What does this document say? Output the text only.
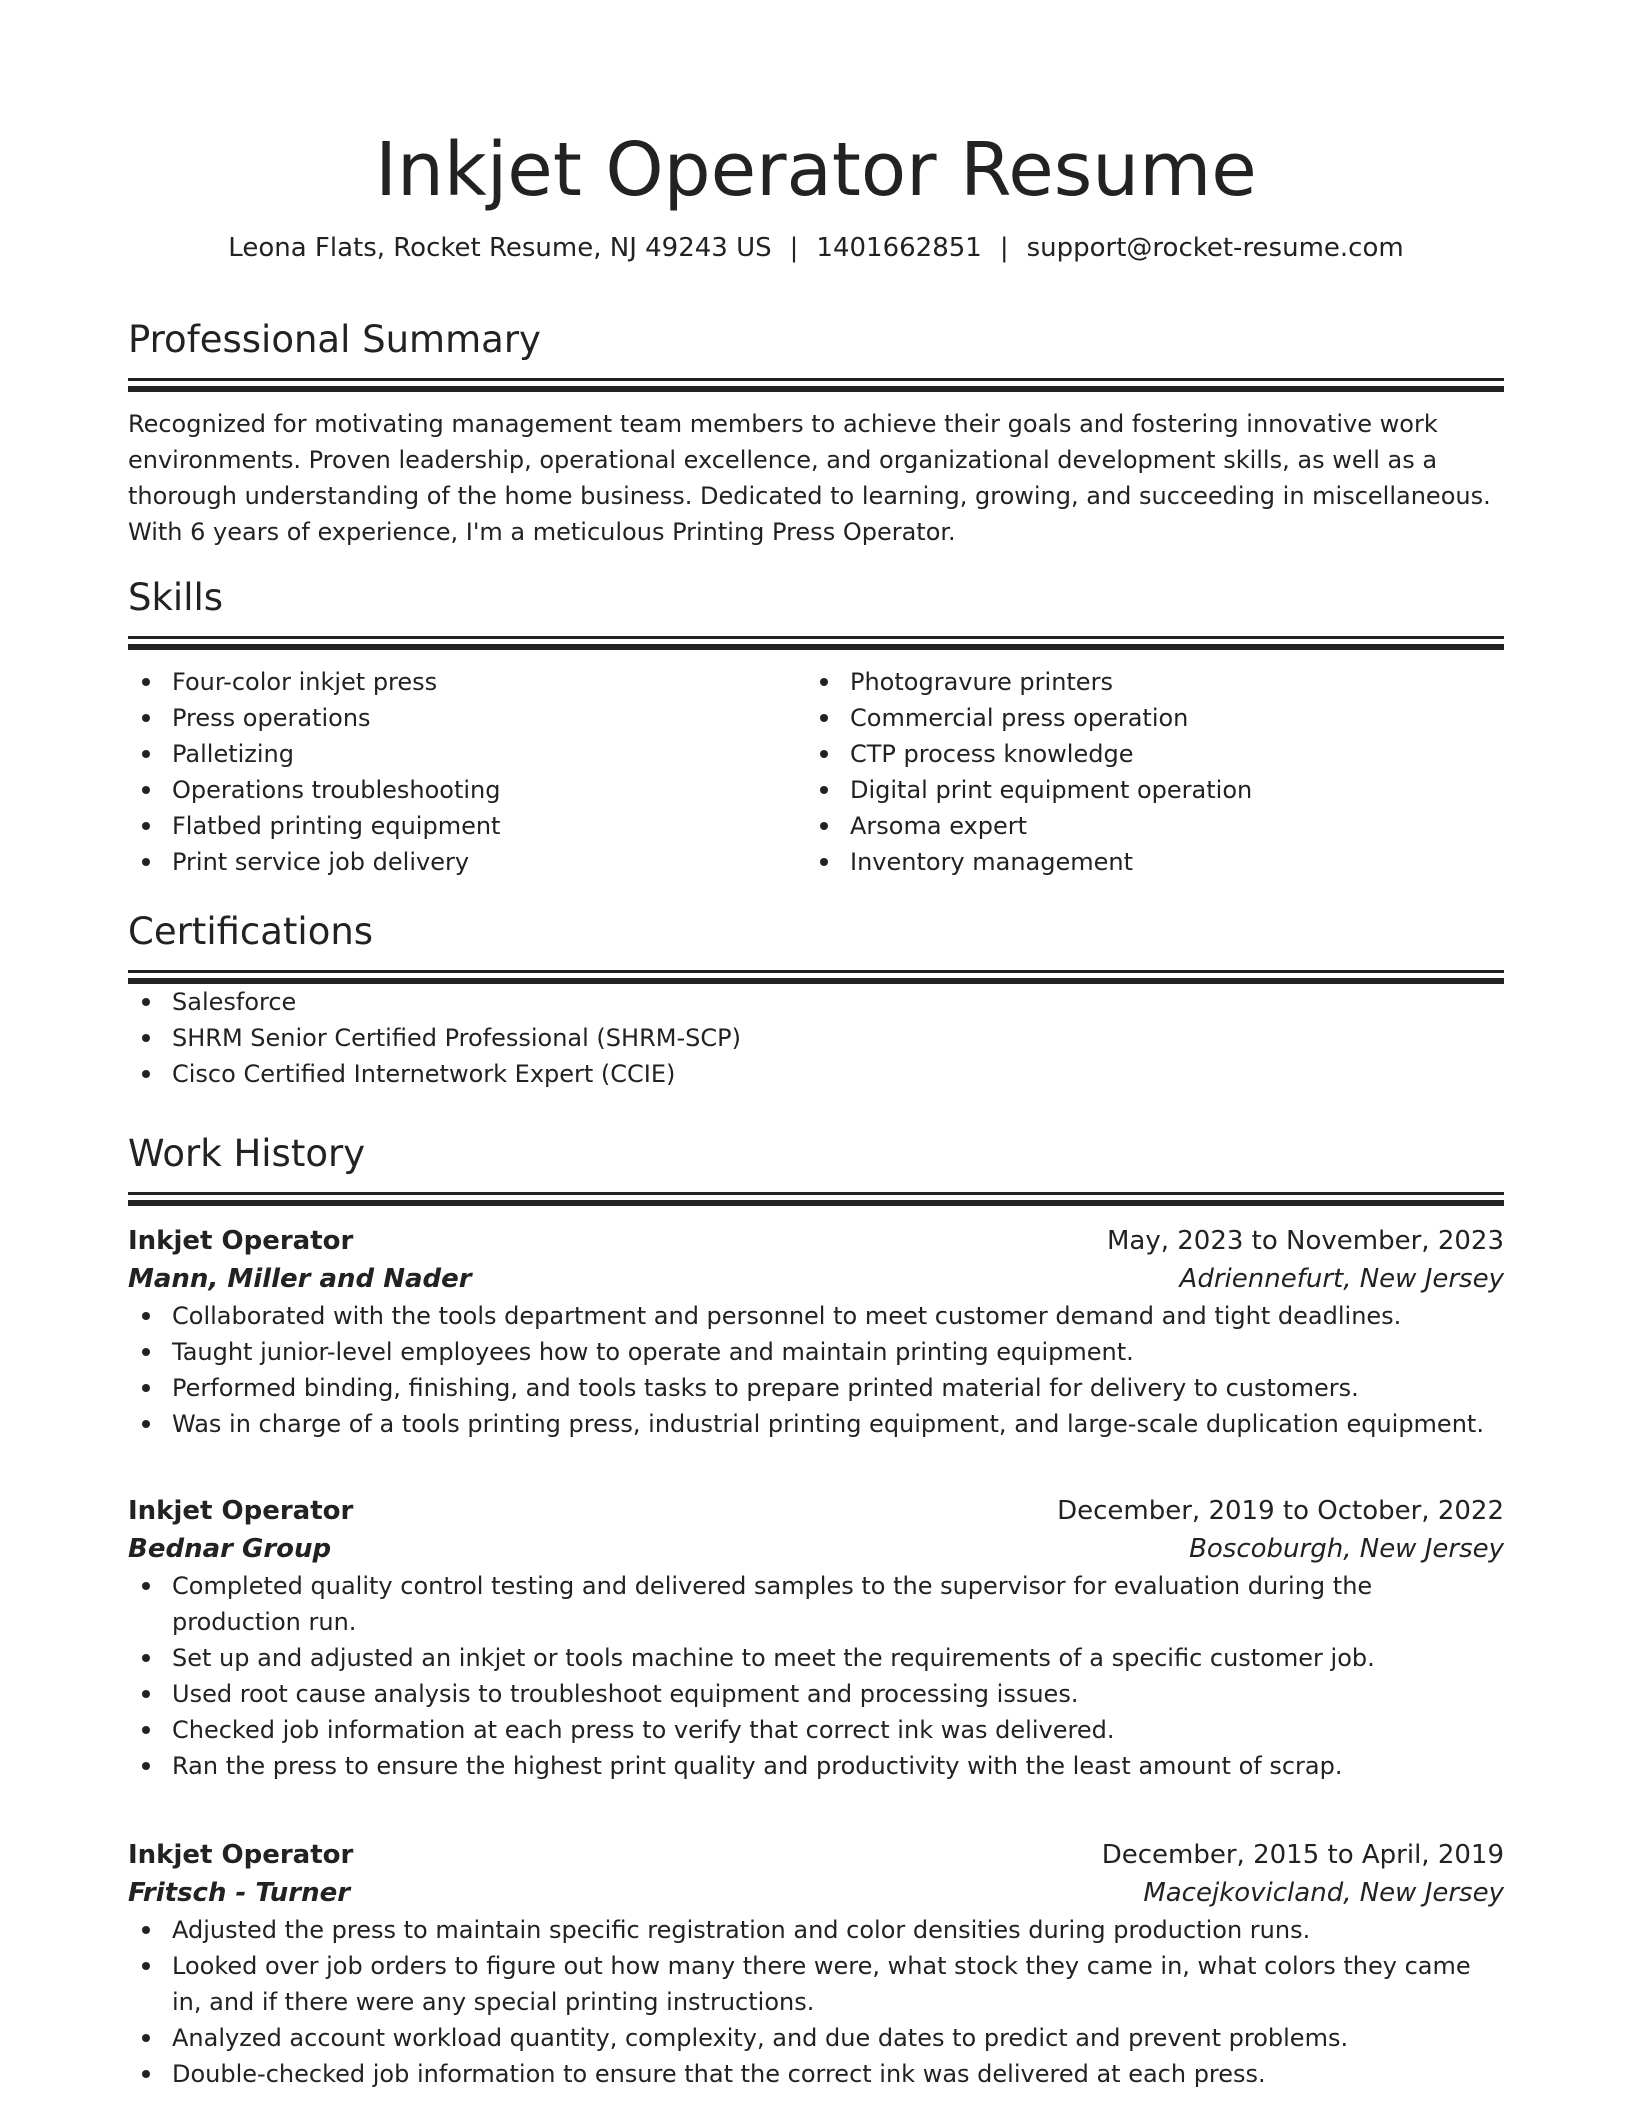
Inkjet Operator Resume
Leona Flats, Rocket Resume, NJ 49243 US | 1401662851 | support@rocket-resume.com
Professional Summary

Recognized for motivating management team members to achieve their goals and fostering innovative work environments. Proven leadership, operational excellence, and organizational development skills, as well as a thorough understanding of the home business. Dedicated to learning, growing, and succeeding in miscellaneous. With 6 years of experience, I'm a meticulous Printing Press Operator.

Skills
Four-color inkjet press
Press operations
Palletizing
Operations troubleshooting
Flatbed printing equipment
Print service job delivery
Photogravure printers
Commercial press operation
CTP process knowledge
Digital print equipment operation
Arsoma expert
Inventory management
Certifications
Salesforce
SHRM Senior Certified Professional (SHRM-SCP)
Cisco Certified Internetwork Expert (CCIE)
Work History
Inkjet Operator	May, 2023 to November, 2023
Mann, Miller and Nader	Adriennefurt, New Jersey
Collaborated with the tools department and personnel to meet customer demand and tight deadlines.
Taught junior-level employees how to operate and maintain printing equipment.
Performed binding, finishing, and tools tasks to prepare printed material for delivery to customers.
Was in charge of a tools printing press, industrial printing equipment, and large-scale duplication equipment.
Inkjet Operator	December, 2019 to October, 2022
Bednar Group	Boscoburgh, New Jersey
Completed quality control testing and delivered samples to the supervisor for evaluation during the production run.
Set up and adjusted an inkjet or tools machine to meet the requirements of a specific customer job.
Used root cause analysis to troubleshoot equipment and processing issues.
Checked job information at each press to verify that correct ink was delivered.
Ran the press to ensure the highest print quality and productivity with the least amount of scrap.
Inkjet Operator	December, 2015 to April, 2019
Fritsch - Turner	Macejkovicland, New Jersey
Adjusted the press to maintain specific registration and color densities during production runs.
Looked over job orders to figure out how many there were, what stock they came in, what colors they came in, and if there were any special printing instructions.
Analyzed account workload quantity, complexity, and due dates to predict and prevent problems.
Double-checked job information to ensure that the correct ink was delivered at each press.
